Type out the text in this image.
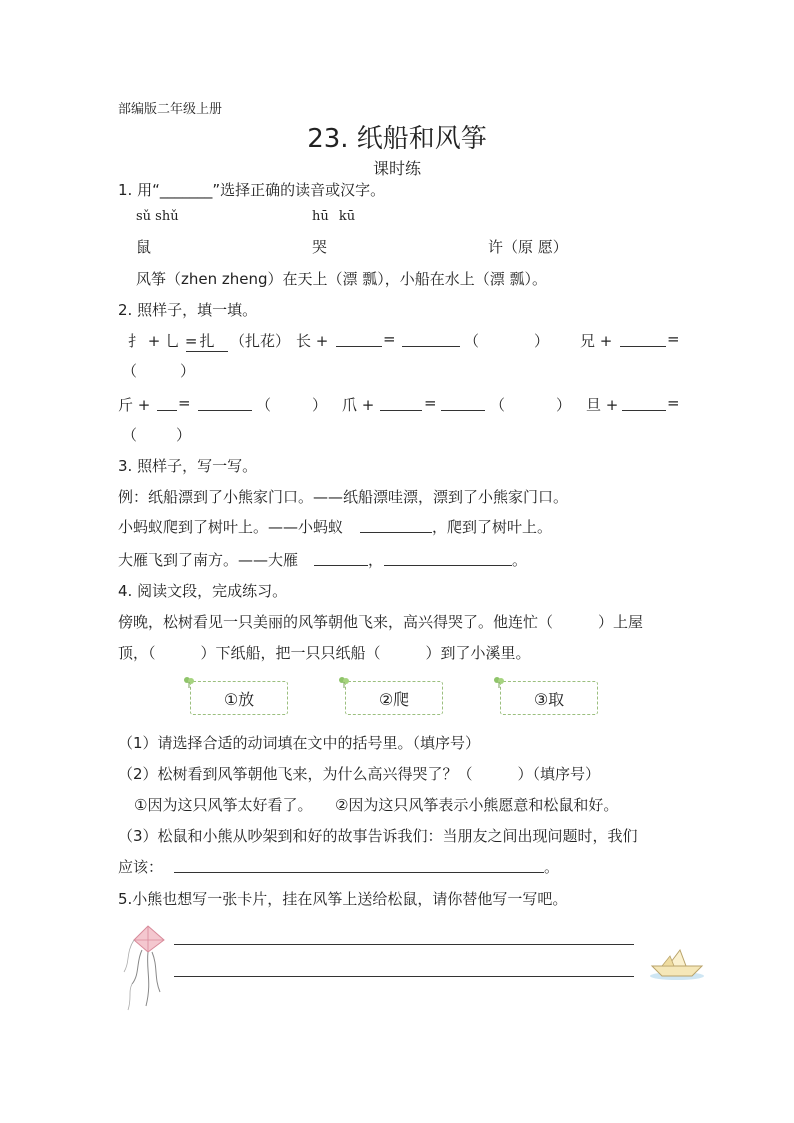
部编版二年级上册
23. 纸船和风筝
课时练
1. 用“_______”选择正确的读音或汉字。
sǔ shǔ	hū kū
鼠	哭	许（原 愿）
风筝（zhen zheng）在天上（漂 瓢），小船在水上（漂 瓢）。
2. 照样子，填一填。
扌 + 乚 = 扎	（扎花） 长 +	=	（	） 兄 +	=
（	）
斤 + =	（	） 爪 +	=	（	） 旦 +	=
（	）
3. 照样子，写一写。
例：纸船漂到了小熊家门口。——纸船漂哇漂，漂到了小熊家门口。
小蚂蚁爬到了树叶上。——小蚂蚁	，爬到了树叶上。
大雁飞到了南方。——大雁	，	。
4. 阅读文段，完成练习。
傍晚，松树看见一只美丽的风筝朝他飞来，高兴得哭了。他连忙（　　　）上屋
顶，（　　　）下纸船，把一只只纸船（　　　）到了小溪里。
①放	②爬	③取
（1）请选择合适的动词填在文中的括号里。（填序号）
（2）松树看到风筝朝他飞来，为什么高兴得哭了？（　　　）（填序号）
①因为这只风筝太好看了。　　②因为这只风筝表示小熊愿意和松鼠和好。
（3）松鼠和小熊从吵架到和好的故事告诉我们：当朋友之间出现问题时，我们
应该：	。
5.小熊也想写一张卡片，挂在风筝上送给松鼠，请你替他写一写吧。
